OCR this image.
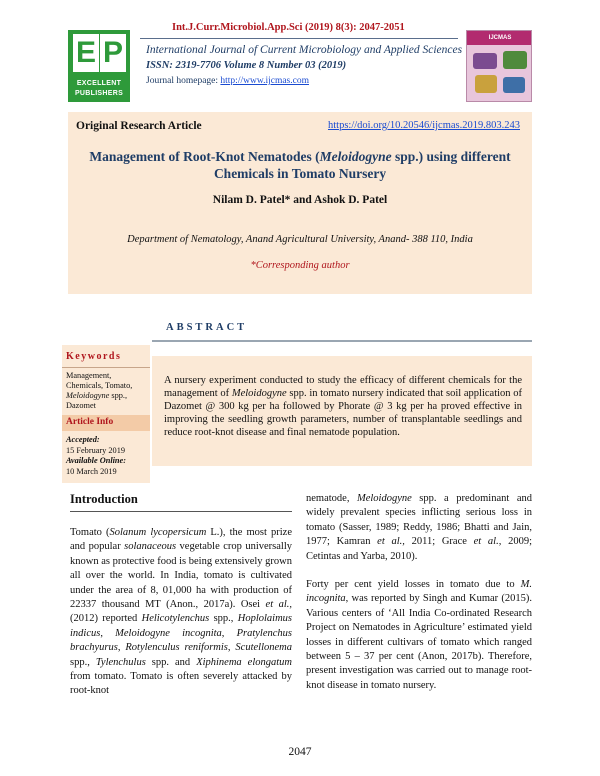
Int.J.Curr.Microbiol.App.Sci (2019) 8(3): 2047-2051
E P
EXCELLENT
PUBLISHERS
International Journal of Current Microbiology and Applied Sciences
ISSN: 2319-7706 Volume 8 Number 03 (2019)
Journal homepage: http://www.ijcmas.com
IJCMAS
Original Research Article	https://doi.org/10.20546/ijcmas.2019.803.243
Management of Root-Knot Nematodes (Meloidogyne spp.) using different Chemicals in Tomato Nursery
Nilam D. Patel* and Ashok D. Patel
Department of Nematology, Anand Agricultural University, Anand- 388 110, India
*Corresponding author
ABSTRACT
Keywords
Management, Chemicals, Tomato, Meloidogyne spp., Dazomet
Article Info
Accepted:
15 February 2019
Available Online:
10 March 2019
A nursery experiment conducted to study the efficacy of different chemicals for the management of Meloidogyne spp. in tomato nursery indicated that soil application of Dazomet @ 300 kg per ha followed by Phorate @ 3 kg per ha proved effective in improving the seedling growth parameters, number of transplantable seedlings and reduce root-knot disease and final nematode population.
Introduction

Tomato (Solanum lycopersicum L.), the most prize and popular solanaceous vegetable crop universally known as protective food is being extensively grown all over the world. In India, tomato is cultivated under the area of 8, 01,000 ha with production of 22337 thousand MT (Anon., 2017a). Osei et al., (2012) reported Helicotylenchus spp., Hoplolaimus indicus, Meloidogyne incognita, Pratylenchus brachyurus, Rotylenculus reniformis, Scutellonema spp., Tylenchulus spp. and Xiphinema elongatum from tomato. Tomato is often severely attacked by root-knot

nematode, Meloidogyne spp. a predominant and widely prevalent species inflicting serious loss in tomato (Sasser, 1989; Reddy, 1986; Bhatti and Jain, 1977; Kamran et al., 2011; Grace et al., 2009; Cetintas and Yarba, 2010).

Forty per cent yield losses in tomato due to M. incognita, was reported by Singh and Kumar (2015). Various centers of ‘All India Co-ordinated Research Project on Nematodes in Agriculture’ estimated yield losses in different cultivars of tomato which ranged between 5 – 37 per cent (Anon, 2017b). Therefore, present investigation was carried out to manage root-knot disease in tomato nursery.

2047
